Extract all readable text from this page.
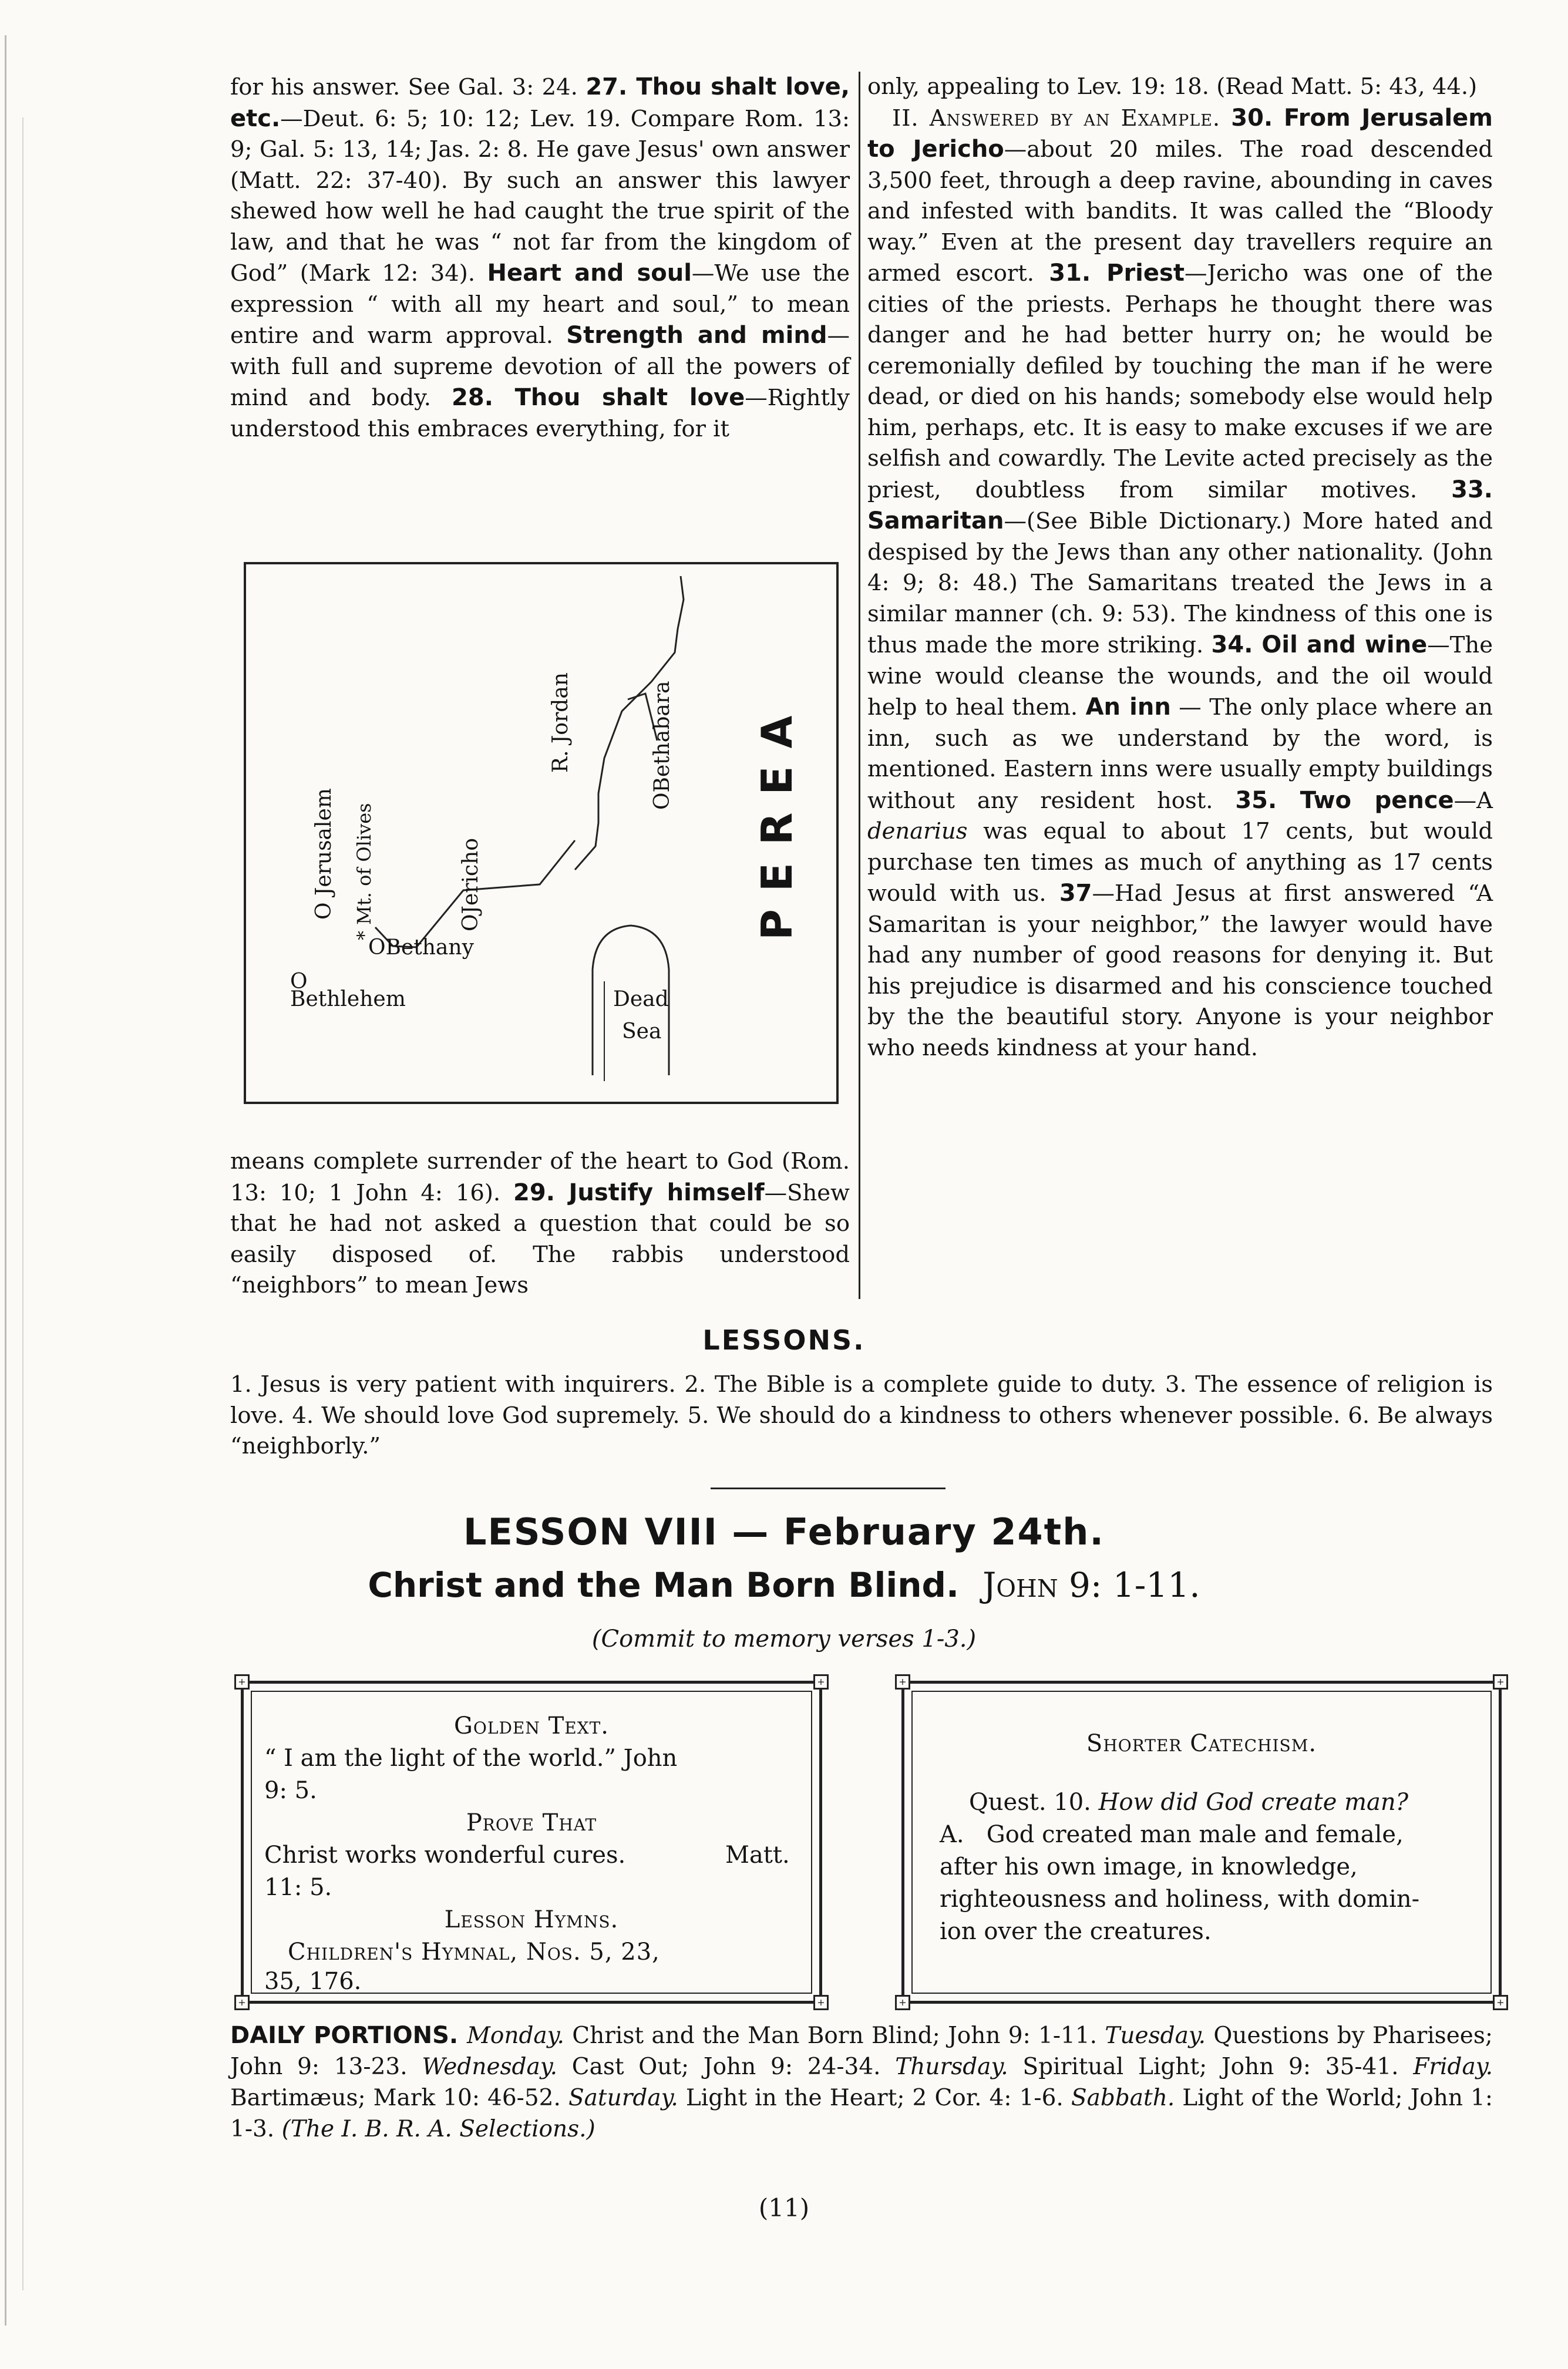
for his answer. See Gal. 3: 24. 27. Thou shalt love, etc.—Deut. 6: 5; 10: 12; Lev. 19. Compare Rom. 13: 9; Gal. 5: 13, 14; Jas. 2: 8. He gave Jesus' own answer (Matt. 22: 37-40). By such an answer this lawyer shewed how well he had caught the true spirit of the law, and that he was “ not far from the kingdom of God” (Mark 12: 34). Heart and soul—We use the expression “ with all my heart and soul,” to mean entire and warm approval. Strength and mind—with full and supreme devotion of all the powers of mind and body. 28. Thou shalt love—Rightly understood this embraces everything, for it

O Jerusalem * Mt. of Olives
OBethany
O
Bethlehem
OJericho
R. Jordan	OBethabara
Dead
Sea
PEREA

means complete surrender of the heart to God (Rom. 13: 10; 1 John 4: 16). 29. Justify himself—Shew that he had not asked a question that could be so easily disposed of. The rabbis understood “neighbors” to mean Jews

only, appealing to Lev. 19: 18. (Read Matt. 5: 43, 44.)

II. Answered by an Example. 30. From Jerusalem to Jericho—about 20 miles. The road descended 3,500 feet, through a deep ravine, abounding in caves and infested with bandits. It was called the “Bloody way.” Even at the present day travellers require an armed escort. 31. Priest—Jericho was one of the cities of the priests. Perhaps he thought there was danger and he had better hurry on; he would be ceremonially defiled by touching the man if he were dead, or died on his hands; somebody else would help him, perhaps, etc. It is easy to make excuses if we are selfish and cowardly. The Levite acted precisely as the priest, doubtless from similar motives. 33. Samaritan—(See Bible Dictionary.) More hated and despised by the Jews than any other nationality. (John 4: 9; 8: 48.) The Samaritans treated the Jews in a similar manner (ch. 9: 53). The kindness of this one is thus made the more striking. 34. Oil and wine—The wine would cleanse the wounds, and the oil would help to heal them. An inn — The only place where an inn, such as we understand by the word, is mentioned. Eastern inns were usually empty buildings without any resident host. 35. Two pence—A denarius was equal to about 17 cents, but would purchase ten times as much of anything as 17 cents would with us. 37—Had Jesus at first answered “A Samaritan is your neighbor,” the lawyer would have had any number of good reasons for denying it. But his prejudice is disarmed and his conscience touched by the the beautiful story. Anyone is your neighbor who needs kindness at your hand.

LESSONS.
1. Jesus is very patient with inquirers. 2. The Bible is a complete guide to duty. 3. The essence of religion is love. 4. We should love God supremely. 5. We should do a kindness to others whenever possible. 6. Be always “neighborly.”
LESSON VIII — February 24th.
Christ and the Man Born Blind. John 9: 1-11.
(Commit to memory verses 1-3.)
+	+
+	+
Golden Text.
“ I am the light of the world.” John
9: 5.
Prove That
Christ works wonderful cures.	Matt.
11: 5.
Lesson Hymns.
Children's Hymnal, Nos. 5, 23,
35, 176.
+	+
+	+
Shorter Catechism.
Quest. 10. How did God create man?
A. God created man male and female,
after his own image, in knowledge,
righteousness and holiness, with domin-
ion over the creatures.
DAILY PORTIONS. Monday. Christ and the Man Born Blind; John 9: 1-11. Tuesday. Questions by Pharisees; John 9: 13-23. Wednesday. Cast Out; John 9: 24-34. Thursday. Spiritual Light; John 9: 35-41. Friday. Bartimæus; Mark 10: 46-52. Saturday. Light in the Heart; 2 Cor. 4: 1-6. Sabbath. Light of the World; John 1: 1-3. (The I. B. R. A. Selections.)
(11)
